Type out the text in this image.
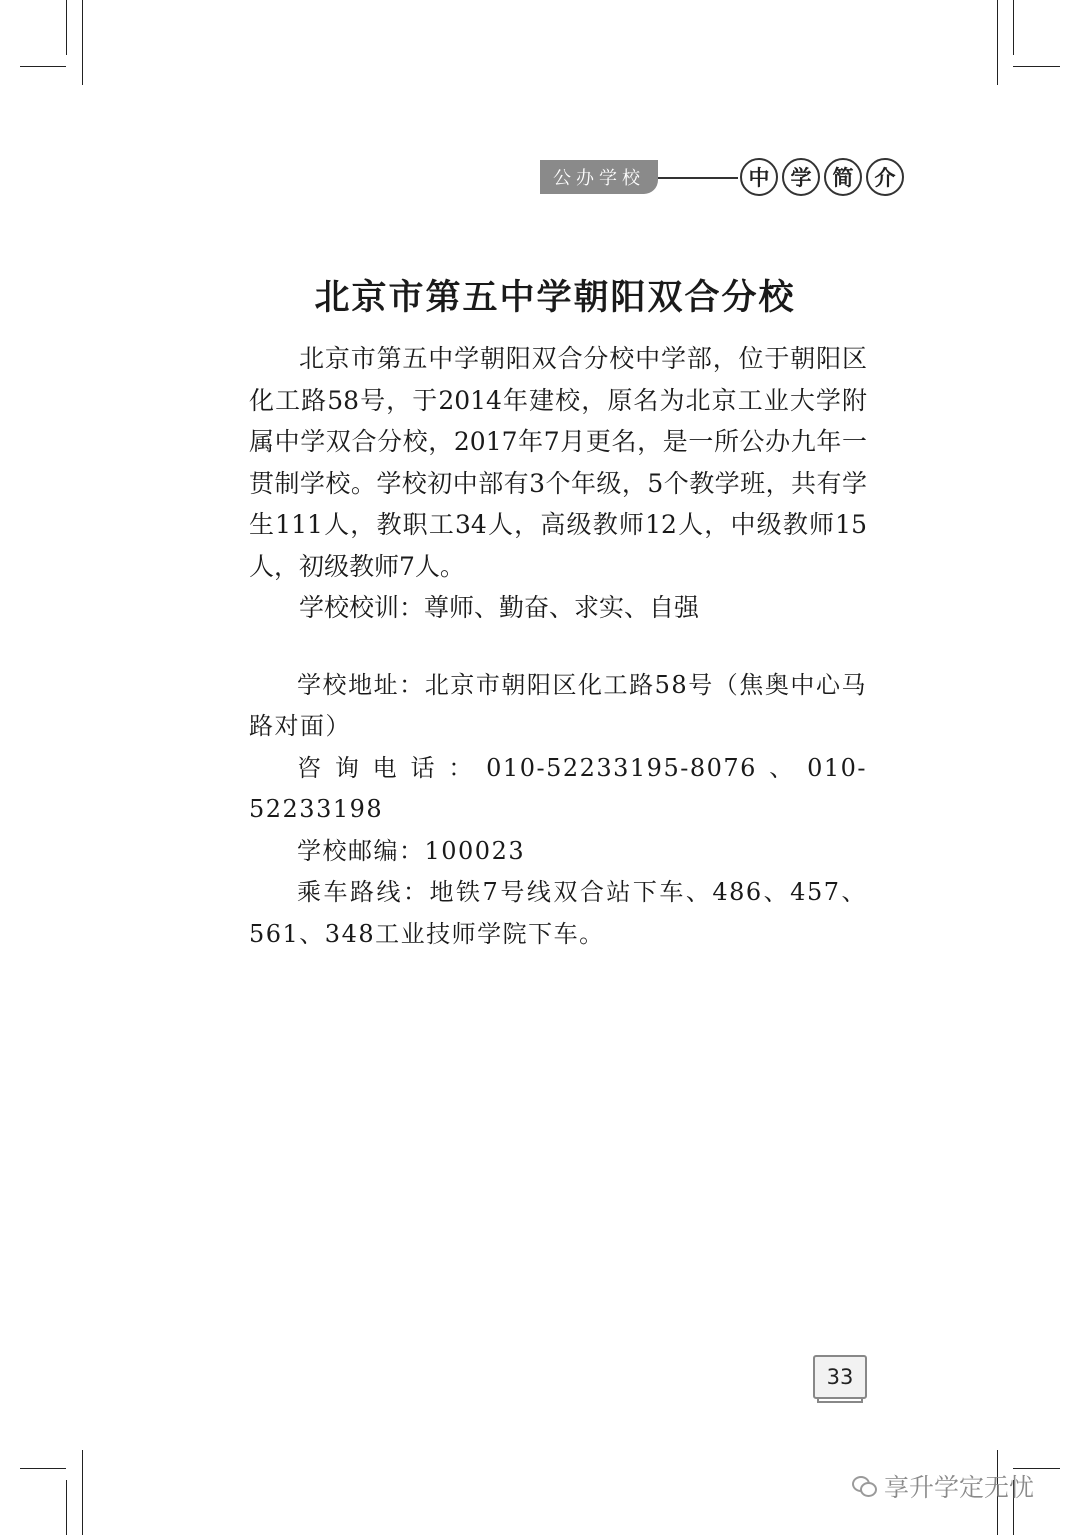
公办学校	中	学	简	介
北京市第五中学朝阳双合分校

北京市第五中学朝阳双合分校中学部，位于朝阳区化工路58号，于2014年建校，原名为北京工业大学附属中学双合分校，2017年7月更名，是一所公办九年一贯制学校。学校初中部有3个年级，5个教学班，共有学生111人，教职工34人，高级教师12人，中级教师15人，初级教师7人。

学校校训：尊师、勤奋、求实、自强

学校地址：北京市朝阳区化工路58号（焦奥中心马路对面）

咨询电话：010-52233195-8076、010-52233198

学校邮编：100023

乘车路线：地铁7号线双合站下车、486、457、561、348工业技师学院下车。

33
享升学定无忧
